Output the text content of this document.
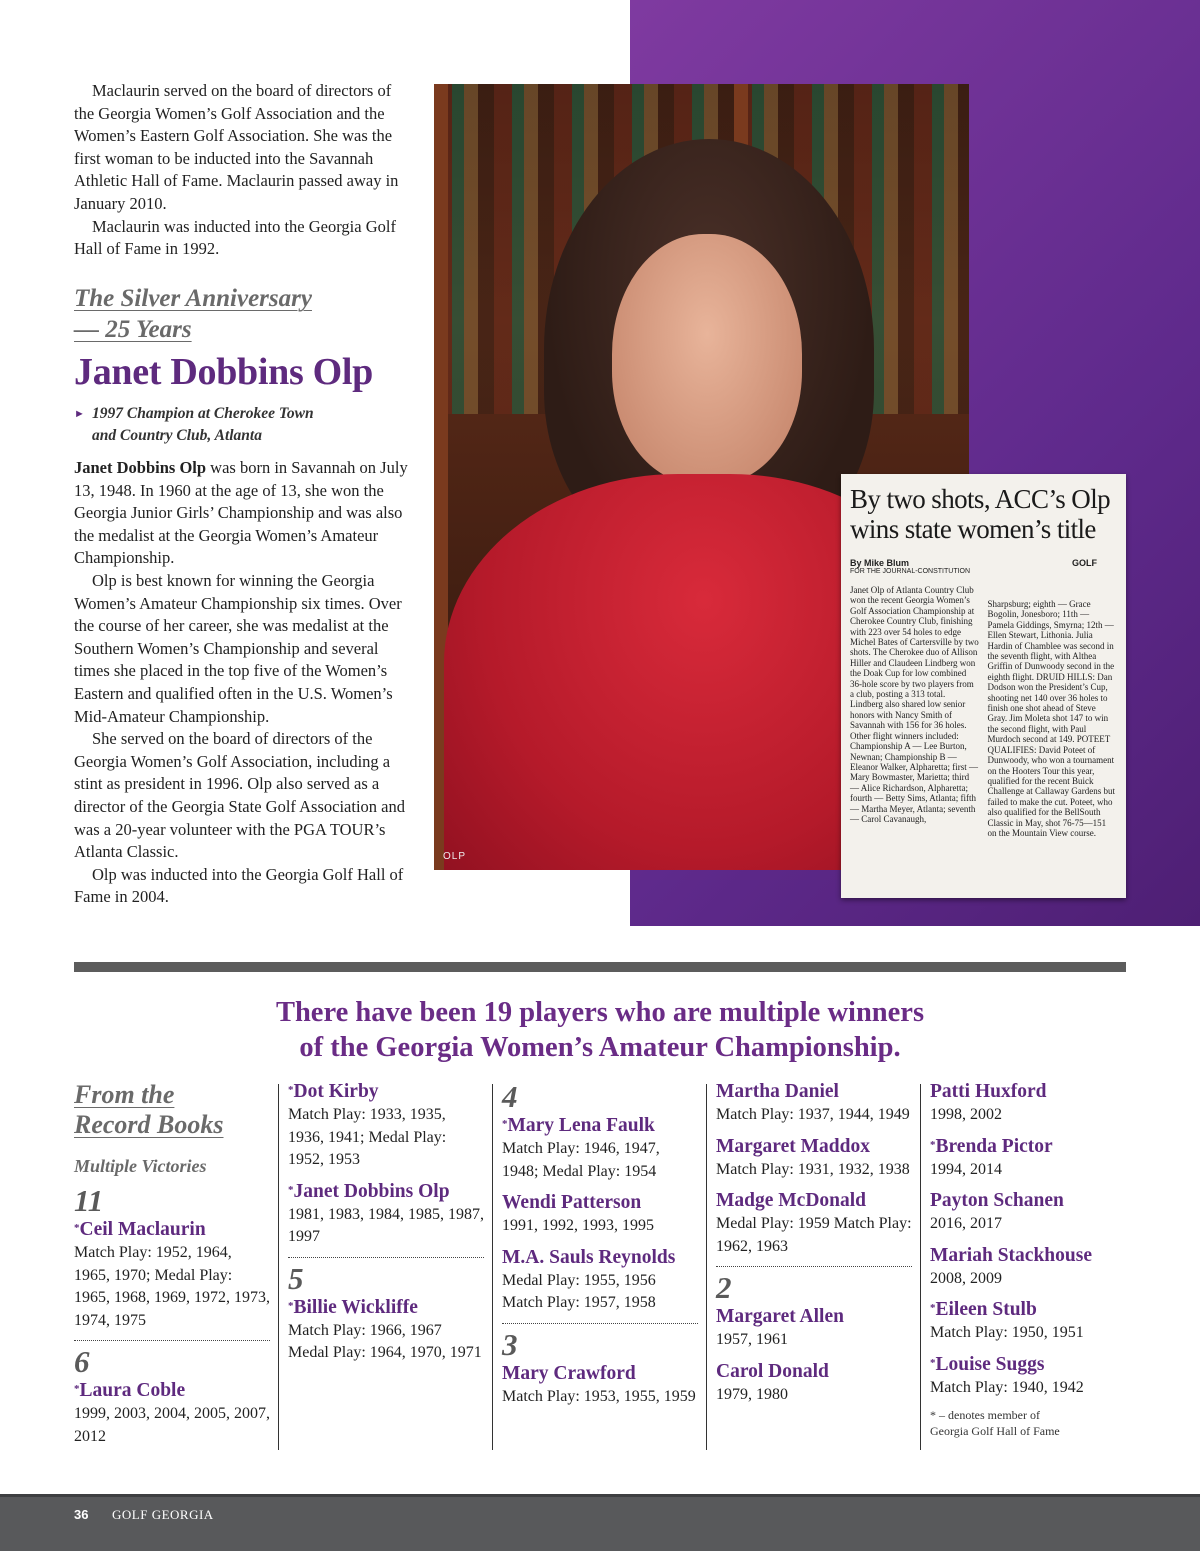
OLP
By two shots, ACC’s Olp
wins state women’s title
By Mike Blum
FOR THE JOURNAL-CONSTITUTION
GOLF
Janet Olp of Atlanta Country Club won the recent Georgia Women’s Golf Association Championship at Cherokee Country Club, finishing with 223 over 54 holes to edge Michel Bates of Cartersville by two shots. The Cherokee duo of Allison Hiller and Claudeen Lindberg won the Doak Cup for low combined 36-hole score by two players from a club, posting a 313 total. Lindberg also shared low senior honors with Nancy Smith of Savannah with 156 for 36 holes. Other flight winners included: Championship A — Lee Burton, Newnan; Championship B — Eleanor Walker, Alpharetta; first — Mary Bowmaster, Marietta; third — Alice Richardson, Alpharetta; fourth — Betty Sims, Atlanta; fifth — Martha Meyer, Atlanta; seventh — Carol Cavanaugh,
Sharpsburg; eighth — Grace Bogolin, Jonesboro; 11th — Pamela Giddings, Smyrna; 12th — Ellen Stewart, Lithonia. Julia Hardin of Chamblee was second in the seventh flight, with Althea Griffin of Dunwoody second in the eighth flight. DRUID HILLS: Dan Dodson won the President’s Cup, shooting net 140 over 36 holes to finish one shot ahead of Steve Gray. Jim Moleta shot 147 to win the second flight, with Paul Murdoch second at 149. POTEET QUALIFIES: David Poteet of Dunwoody, who won a tournament on the Hooters Tour this year, qualified for the recent Buick Challenge at Callaway Gardens but failed to make the cut. Poteet, who also qualified for the BellSouth Classic in May, shot 76-75—151 on the Mountain View course.

Maclaurin served on the board of directors of the Georgia Women’s Golf Association and the Women’s Eastern Golf Association. She was the first woman to be inducted into the Savannah Athletic Hall of Fame. Maclaurin passed away in January 2010.

Maclaurin was inducted into the Georgia Golf Hall of Fame in 1992.

The Silver Anniversary
— 25 Years
Janet Dobbins Olp
► 1997 Champion at Cherokee Town
and Country Club, Atlanta

Janet Dobbins Olp was born in Savannah on July 13, 1948. In 1960 at the age of 13, she won the Georgia Junior Girls’ Championship and was also the medalist at the Georgia Women’s Amateur Championship.

Olp is best known for winning the Georgia Women’s Amateur Championship six times. Over the course of her career, she was medalist at the Southern Women’s Championship and several times she placed in the top five of the Women’s Eastern and qualified often in the U.S. Women’s Mid-Amateur Championship.

She served on the board of directors of the Georgia Women’s Golf Association, including a stint as president in 1996. Olp also served as a director of the Georgia State Golf Association and was a 20-year volunteer with the PGA TOUR’s Atlanta Classic.

Olp was inducted into the Georgia Golf Hall of Fame in 2004.

There have been 19 players who are multiple winners
of the Georgia Women’s Amateur Championship.
From the
Record Books
Multiple Victories
11
*Ceil Maclaurin
Match Play: 1952, 1964, 1965, 1970; Medal Play: 1965, 1968, 1969, 1972, 1973, 1974, 1975
6
*Laura Coble
1999, 2003, 2004, 2005, 2007, 2012
*Dot Kirby
Match Play: 1933, 1935, 1936, 1941; Medal Play: 1952, 1953
*Janet Dobbins Olp
1981, 1983, 1984, 1985, 1987, 1997
5
*Billie Wickliffe
Match Play: 1966, 1967 Medal Play: 1964, 1970, 1971
4
*Mary Lena Faulk
Match Play: 1946, 1947, 1948; Medal Play: 1954
Wendi Patterson
1991, 1992, 1993, 1995
M.A. Sauls Reynolds
Medal Play: 1955, 1956 Match Play: 1957, 1958
3
Mary Crawford
Match Play: 1953, 1955, 1959
Martha Daniel
Match Play: 1937, 1944, 1949
Margaret Maddox
Match Play: 1931, 1932, 1938
Madge McDonald
Medal Play: 1959 Match Play: 1962, 1963
2
Margaret Allen
1957, 1961
Carol Donald
1979, 1980
Patti Huxford
1998, 2002
*Brenda Pictor
1994, 2014
Payton Schanen
2016, 2017
Mariah Stackhouse
2008, 2009
*Eileen Stulb
Match Play: 1950, 1951
*Louise Suggs
Match Play: 1940, 1942
* – denotes member of
Georgia Golf Hall of Fame
36 GOLF GEORGIA
